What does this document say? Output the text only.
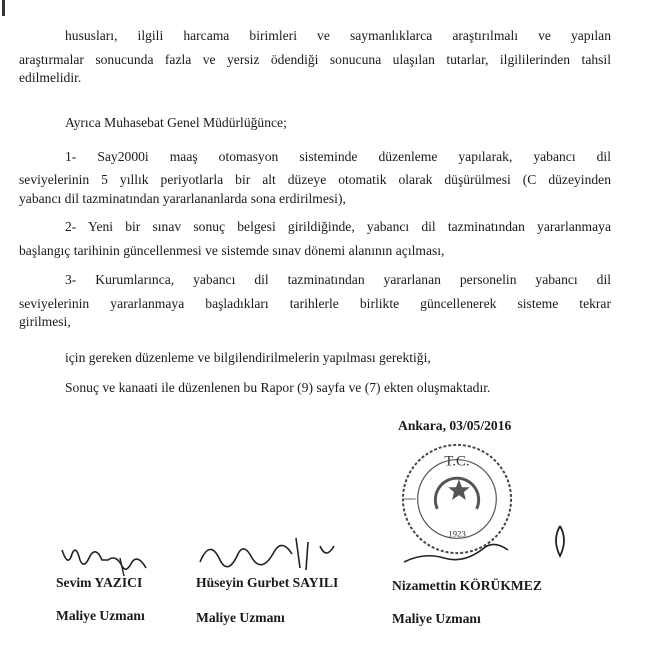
hususları, ilgili harcama birimleri ve saymanlıklarca araştırılmalı ve yapılan
araştırmalar sonucunda fazla ve yersiz ödendiği sonucuna ulaşılan tutarlar, ilgililerinden tahsil
edilmelidir.
Ayrıca Muhasebat Genel Müdürlüğünce;
1- Say2000i maaş otomasyon sisteminde düzenleme yapılarak, yabancı dil
seviyelerinin 5 yıllık periyotlarla bir alt düzeye otomatik olarak düşürülmesi (C düzeyinden
yabancı dil tazminatından yararlananlarda sona erdirilmesi),
2- Yeni bir sınav sonuç belgesi girildiğinde, yabancı dil tazminatından yararlanmaya
başlangıç tarihinin güncellenmesi ve sistemde sınav dönemi alanının açılması,
3- Kurumlarınca, yabancı dil tazminatından yararlanan personelin yabancı dil
seviyelerinin yararlanmaya başladıkları tarihlerle birlikte güncellenerek sisteme tekrar
girilmesi,
için gereken düzenleme ve bilgilendirilmelerin yapılması gerektiği,
Sonuç ve kanaati ile düzenlenen bu Rapor (9) sayfa ve (7) ekten oluşmaktadır.
Ankara, 03/05/2016
T.C.
1923
Sevim YAZICI	Hüseyin Gurbet SAYILI	Nizamettin KÖRÜKMEZ
Maliye Uzmanı	Maliye Uzmanı	Maliye Uzmanı
